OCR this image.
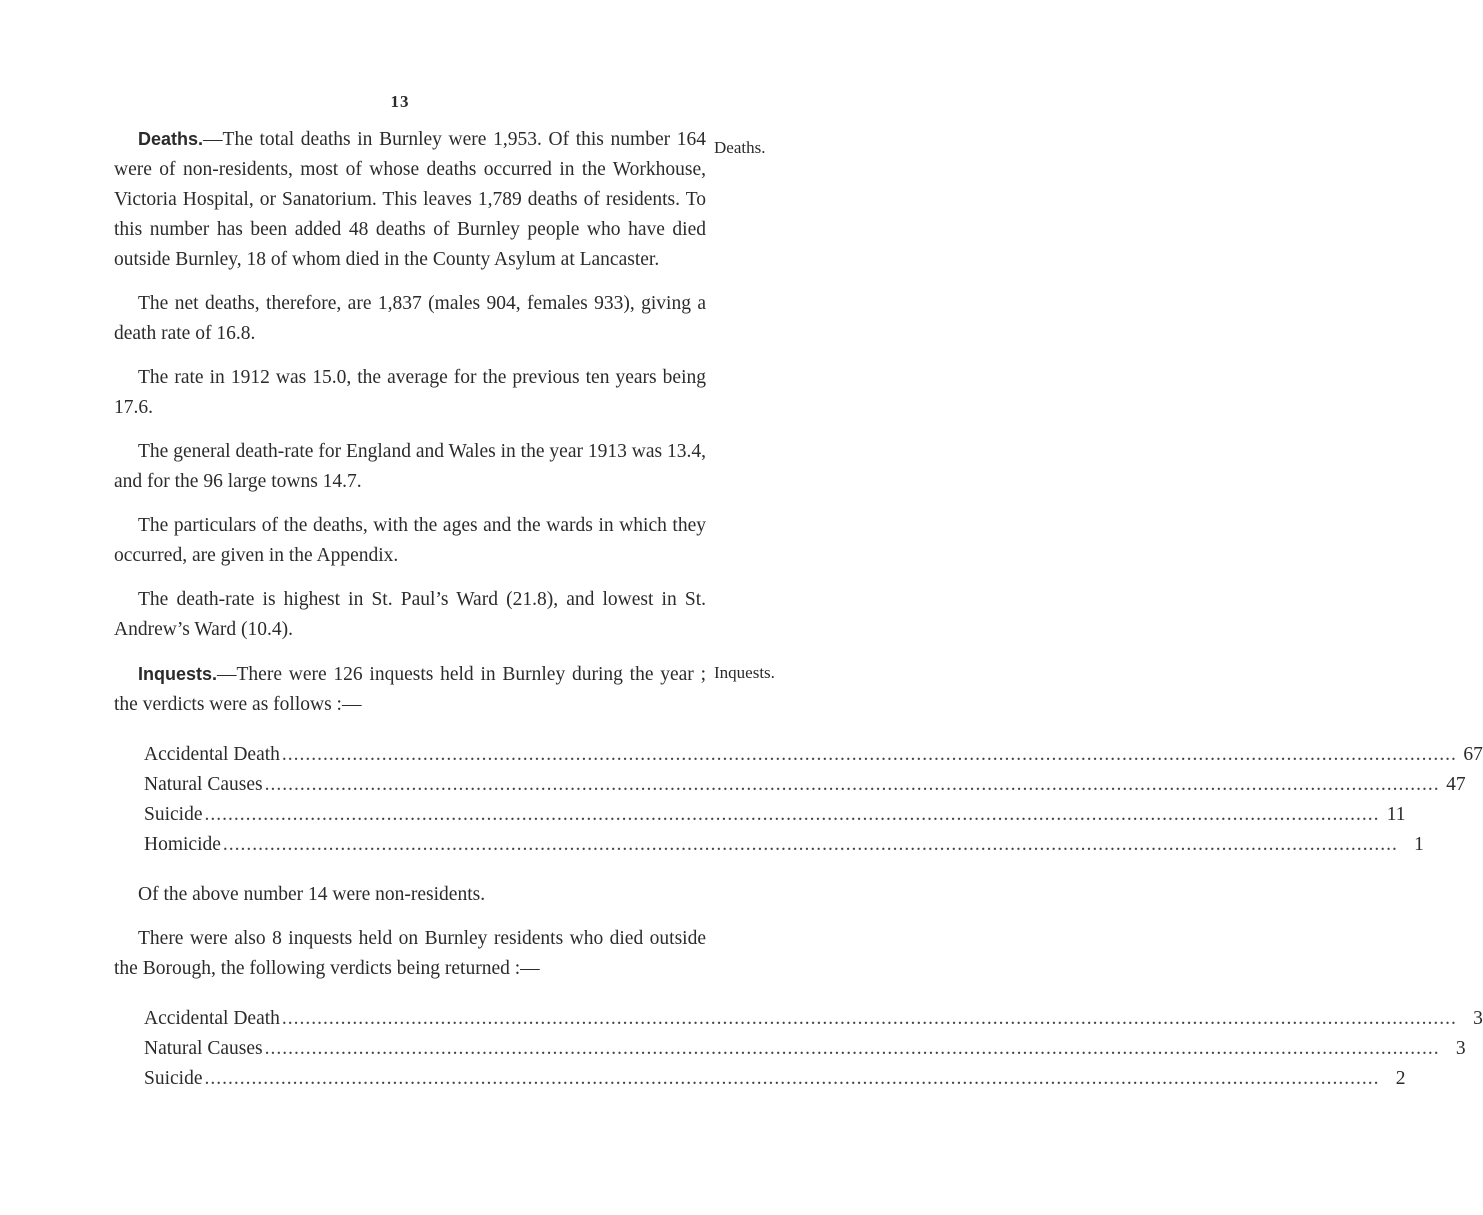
13
Deaths.
Inquests.

Deaths.—The total deaths in Burnley were 1,953. Of this number 164 were of non-residents, most of whose deaths occurred in the Workhouse, Victoria Hospital, or Sanatorium. This leaves 1,789 deaths of residents. To this number has been added 48 deaths of Burnley people who have died outside Burnley, 18 of whom died in the County Asylum at Lancaster.

The net deaths, therefore, are 1,837 (males 904, females 933), giving a death rate of 16.8.

The rate in 1912 was 15.0, the average for the previous ten years being 17.6.

The general death-rate for England and Wales in the year 1913 was 13.4, and for the 96 large towns 14.7.

The particulars of the deaths, with the ages and the wards in which they occurred, are given in the Appendix.

The death-rate is highest in St. Paul’s Ward (21.8), and lowest in St. Andrew’s Ward (10.4).

Inquests.—There were 126 inquests held in Burnley during the year ; the verdicts were as follows :—

Accidental Death ........................................................................................................................................................................................................ 67
Natural Causes ........................................................................................................................................................................................................ 47
Suicide ........................................................................................................................................................................................................ 11
Homicide ........................................................................................................................................................................................................ 1

Of the above number 14 were non-residents.

There were also 8 inquests held on Burnley residents who died outside the Borough, the following verdicts being returned :—

Accidental Death ........................................................................................................................................................................................................ 3
Natural Causes ........................................................................................................................................................................................................ 3
Suicide ........................................................................................................................................................................................................ 2
